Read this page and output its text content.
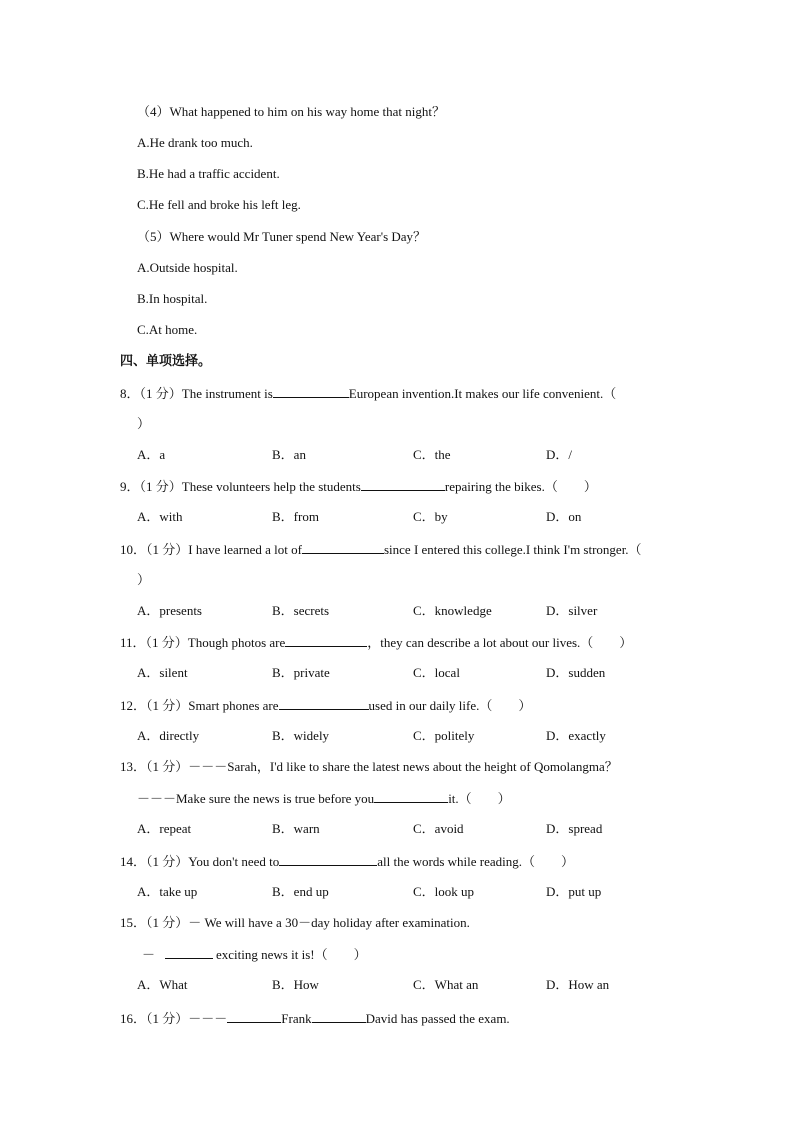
（4）What happened to him on his way home that night？
A.He drank too much.
B.He had a traffic accident.
C.He fell and broke his left leg.
（5）Where would Mr Tuner spend New Year's Day？
A.Outside hospital.
B.In hospital.
C.At home.
四、单项选择。
8．（1 分）The instrument is	European invention.It makes our life convenient.（
）
A．a	B．an	C．the	D．/
9．（1 分）These volunteers help the students	repairing the bikes.（　　）
A．with	B．from	C．by	D．on
10．（1 分）I have learned a lot of	since I entered this college.I think I'm stronger.（
）
A．presents	B．secrets	C．knowledge	D．silver
11．（1 分）Though photos are	，they can describe a lot about our lives.（　　）
A．silent	B．private	C．local	D．sudden
12．（1 分）Smart phones are	used in our daily life.（　　）
A．directly	B．widely	C．politely	D．exactly
13．（1 分）－－－Sarah，I'd like to share the latest news about the height of Qomolangma？
－－－Make sure the news is true before you	it.（　　）
A．repeat	B．warn	C．avoid	D．spread
14．（1 分）You don't need to	all the words while reading.（　　）
A．take up	B．end up	C．look up	D．put up
15．（1 分）－ We will have a 30－day holiday after examination.
－	exciting news it is!（　　）
A．What	B．How	C．What an	D．How an
16．（1 分）－－－	Frank	David has passed the exam.
